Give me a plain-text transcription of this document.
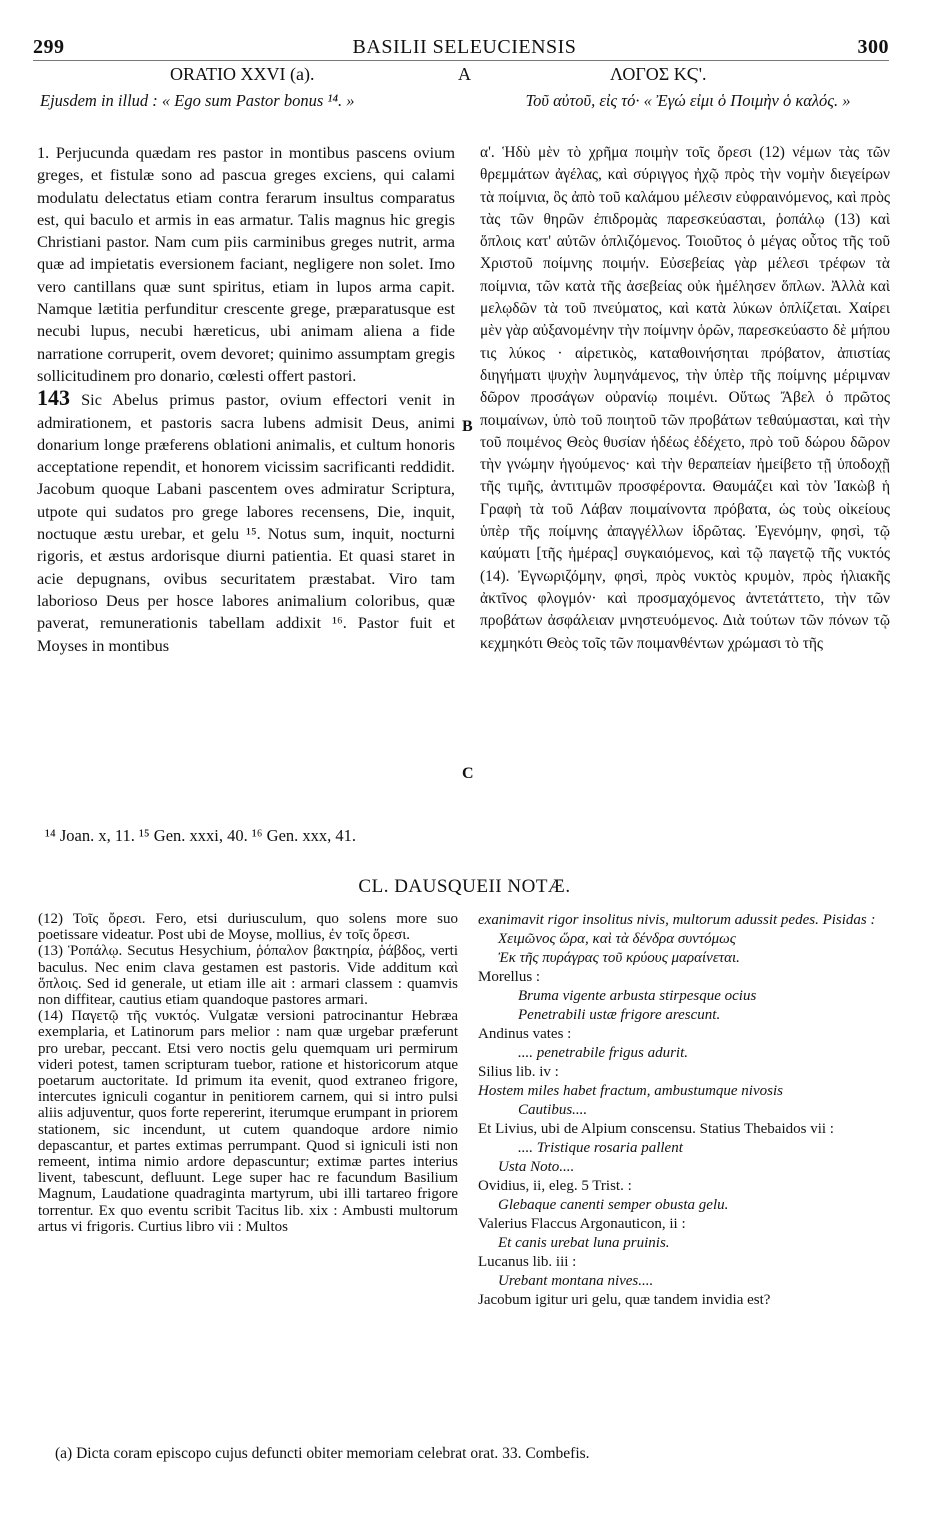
299	BASILII SELEUCIENSIS	300
ORATIO XXVI (a).	A	ΛΟΓΟΣ ΚϚ'.
Ejusdem in illud : « Ego sum Pastor bonus ¹⁴. »	Τοῦ αὐτοῦ, εἰς τό· « Ἐγώ εἰμι ὁ Ποιμὴν ὁ καλός. »

1. Perjucunda quædam res pastor in montibus pascens ovium greges, et fistulæ sono ad pascua greges exciens, qui calami modulatu delectatus etiam contra ferarum insultus comparatus est, qui baculo et armis in eas armatur. Talis magnus hic gregis Christiani pastor. Nam cum piis carminibus greges nutrit, arma quæ ad impietatis eversionem faciant, negligere non solet. Imo vero cantillans quæ sunt spiritus, etiam in lupos arma capit. Namque lætitia perfunditur crescente grege, præparatusque est necubi lupus, necubi hæreticus, ubi animam aliena a fide narratione corruperit, ovem devoret; quinimo assumptam gregis sollicitudinem pro donario, cœlesti offert pastori.

143 Sic Abelus primus pastor, ovium effectori venit in admirationem, et pastoris sacra lubens admisit Deus, animi donarium longe præferens oblationi animalis, et cultum honoris acceptatione rependit, et honorem vicissim sacrificanti reddidit. Jacobum quoque Labani pascentem oves admiratur Scriptura, utpote qui sudatos pro grege labores recensens, Die, inquit, noctuque æstu urebar, et gelu ¹⁵. Notus sum, inquit, nocturni rigoris, et æstus ardorisque diurni patientia. Et quasi staret in acie depugnans, ovibus securitatem præstabat. Viro tam laborioso Deus per hosce labores animalium coloribus, quæ paverat, remunerationis tabellam addixit ¹⁶. Pastor fuit et Moyses in montibus

B
C

α'. Ἡδὺ μὲν τὸ χρῆμα ποιμὴν τοῖς ὄρεσι (12) νέμων τὰς τῶν θρεμμάτων ἀγέλας, καὶ σύριγγος ἠχῷ πρὸς τὴν νομὴν διεγείρων τὰ ποίμνια, ὃς ἀπὸ τοῦ καλάμου μέλεσιν εὐφραινόμενος, καὶ πρὸς τὰς τῶν θηρῶν ἐπιδρομὰς παρεσκεύασται, ῥοπάλῳ (13) καὶ ὅπλοις κατ' αὐτῶν ὁπλιζόμενος. Τοιοῦτος ὁ μέγας οὗτος τῆς τοῦ Χριστοῦ ποίμνης ποιμήν. Εὐσεβείας γὰρ μέλεσι τρέφων τὰ ποίμνια, τῶν κατὰ τῆς ἀσεβείας οὐκ ἠμέλησεν ὅπλων. Ἀλλὰ καὶ μελῳδῶν τὰ τοῦ πνεύματος, καὶ κατὰ λύκων ὁπλίζεται. Χαίρει μὲν γὰρ αὐξανομένην τὴν ποίμνην ὁρῶν, παρεσκεύαστο δὲ μήπου τις λύκος · αἱρετικὸς, καταθοινήσηται πρόβατον, ἀπιστίας διηγήματι ψυχὴν λυμηνάμενος, τὴν ὑπὲρ τῆς ποίμνης μέριμναν δῶρον προσάγων οὐρανίῳ ποιμένι. Οὕτως Ἄβελ ὁ πρῶτος ποιμαίνων, ὑπὸ τοῦ ποιητοῦ τῶν προβάτων τεθαύμασται, καὶ τὴν τοῦ ποιμένος Θεὸς θυσίαν ἡδέως ἐδέχετο, πρὸ τοῦ δώρου δῶρον τὴν γνώμην ἡγούμενος· καὶ τὴν θεραπείαν ἠμείβετο τῇ ὑποδοχῇ τῆς τιμῆς, ἀντιτιμῶν προσφέροντα. Θαυμάζει καὶ τὸν Ἰακὼβ ἡ Γραφὴ τὰ τοῦ Λάβαν ποιμαίνοντα πρόβατα, ὡς τοὺς οἰκείους ὑπὲρ τῆς ποίμνης ἀπαγγέλλων ἱδρῶτας. Ἐγενόμην, φησὶ, τῷ καύματι [τῆς ἡμέρας] συγκαιόμενος, καὶ τῷ παγετῷ τῆς νυκτός (14). Ἐγνωριζόμην, φησὶ, πρὸς νυκτὸς κρυμὸν, πρὸς ἡλιακῆς ἀκτῖνος φλογμόν· καὶ προσμαχόμενος ἀντετάττετο, τὴν τῶν προβάτων ἀσφάλειαν μνηστευόμενος. Διὰ τούτων τῶν πόνων τῷ κεχμηκότι Θεὸς τοῖς τῶν ποιμανθέντων χρώμασι τὸ τῆς

¹⁴ Joan. x, 11. ¹⁵ Gen. xxxi, 40. ¹⁶ Gen. xxx, 41.
CL. DAUSQUEII NOTÆ.
(12) Τοῖς ὄρεσι. Fero, etsi duriusculum, quo solens more suo poetissare videatur. Post ubi de Moyse, mollius, ἐν τοῖς ὄρεσι.
(13) Ῥοπάλῳ. Secutus Hesychium, ῥόπαλον βακτηρία, ῥάβδος, verti baculus. Nec enim clava gestamen est pastoris. Vide additum καὶ ὅπλοις. Sed id generale, ut etiam ille ait : armari classem : quamvis non diffitear, cautius etiam quandoque pastores armari.
(14) Παγετῷ τῆς νυκτός. Vulgatæ versioni patrocinantur Hebræa exemplaria, et Latinorum pars melior : nam quæ urgebar præferunt pro urebar, peccant. Etsi vero noctis gelu quemquam uri permirum videri potest, tamen scripturam tuebor, ratione et historicorum atque poetarum auctoritate. Id primum ita evenit, quod extraneo frigore, intercutes igniculi cogantur in penitiorem carnem, qui si intro pulsi aliis adjuventur, quos forte repererint, iterumque erumpant in priorem stationem, sic incendunt, ut cutem quandoque ardore nimio depascantur, et partes extimas perrumpant. Quod si igniculi isti non remeent, intima nimio ardore depascuntur; extimæ partes interius livent, tabescunt, defluunt. Lege super hac re facundum Basilium Magnum, Laudatione quadraginta martyrum, ubi illi tartareo frigore torrentur. Ex quo eventu scribit Tacitus lib. xix : Ambusti multorum artus vi frigoris. Curtius libro vii : Multos

exanimavit rigor insolitus nivis, multorum adussit pedes. Pisidas :

Χειμῶνος ὥρα, καὶ τὰ δένδρα συντόμως

Ἐκ τῆς πυράγρας τοῦ κρύους μαραίνεται.

Morellus :

Bruma vigente arbusta stirpesque ocius

Penetrabili ustæ frigore arescunt.

Andinus vates :

.... penetrabile frigus adurit.

Silius lib. iv :

Hostem miles habet fractum, ambustumque nivosis

Cautibus....

Et Livius, ubi de Alpium conscensu. Statius Thebaidos vii :

.... Tristique rosaria pallent

Usta Noto....

Ovidius, ii, eleg. 5 Trist. :

Glebaque canenti semper obusta gelu.

Valerius Flaccus Argonauticon, ii :

Et canis urebat luna pruinis.

Lucanus lib. iii :

Urebant montana nives....

Jacobum igitur uri gelu, quæ tandem invidia est?

(a) Dicta coram episcopo cujus defuncti obiter memoriam celebrat orat. 33. Combefis.
